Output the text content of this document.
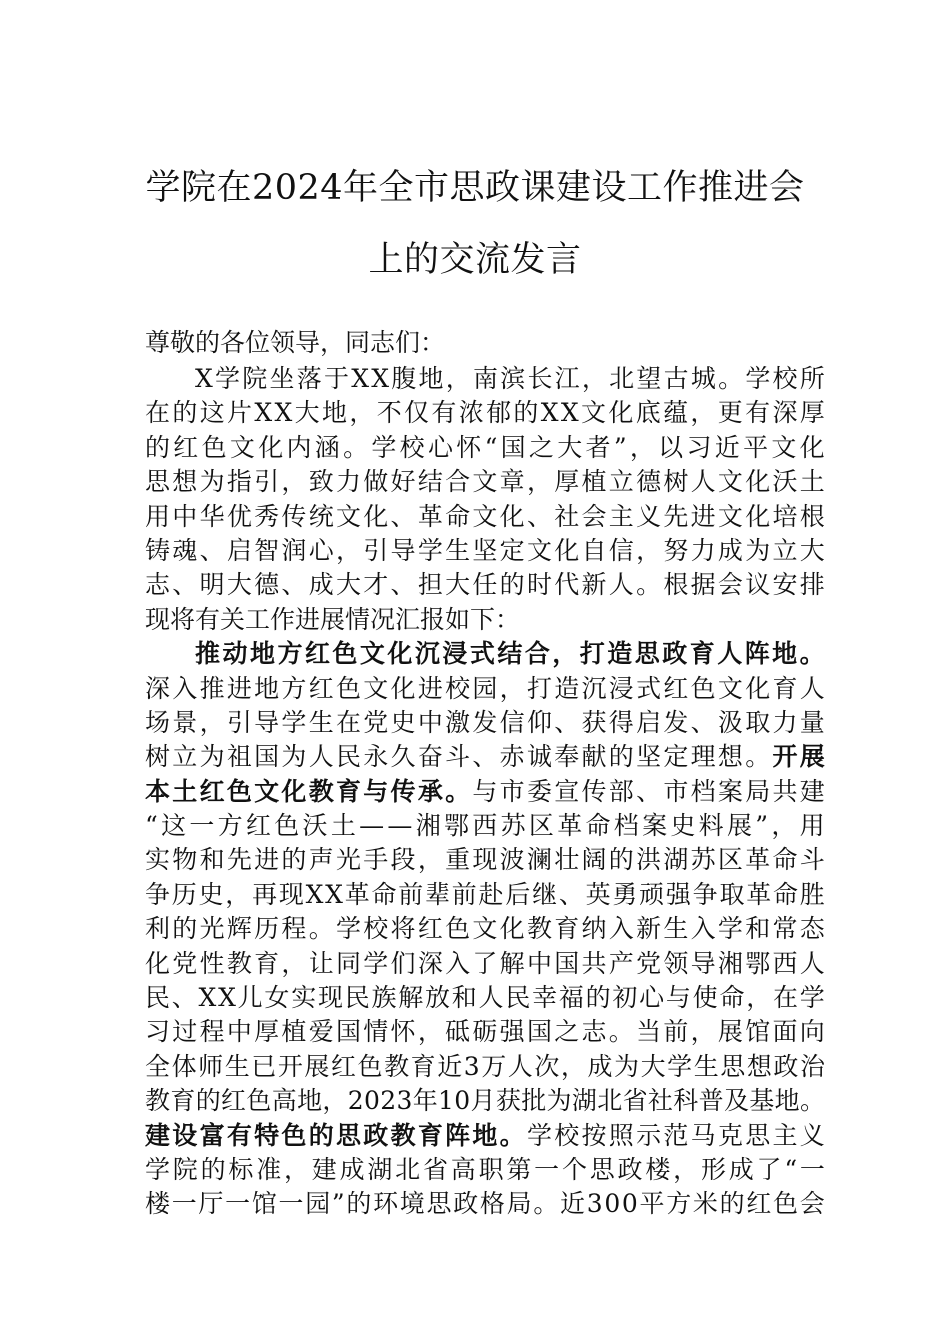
学院在2024年全市思政课建设工作推进会
上的交流发言
尊敬的各位领导，同志们：
X 学 院 坐 落 于 X X 腹 地 ， 南 滨 长 江 ， 北 望 古 城 。 学 校 所
在 的 这 片 X X 大 地 ， 不 仅 有 浓 郁 的 X X 文 化 底 蕴 ， 更 有 深 厚
的 红 色 文 化 内 涵 。 学 校 心 怀 “ 国 之 大 者 ” ， 以 习 近 平 文 化
思 想 为 指 引 ， 致 力 做 好 结 合 文 章 ， 厚 植 立 德 树 人 文 化 沃 土
用 中 华 优 秀 传 统 文 化 、 革 命 文 化 、 社 会 主 义 先 进 文 化 培 根
铸 魂 、 启 智 润 心 ， 引 导 学 生 坚 定 文 化 自 信 ， 努 力 成 为 立 大
志 、 明 大 德 、 成 大 才 、 担 大 任 的 时 代 新 人 。 根 据 会 议 安 排
现将有关工作进展情况汇报如下：
推 动 地 方 红 色 文 化 沉 浸 式 结 合 ， 打 造 思 政 育 人 阵 地 。
深 入 推 进 地 方 红 色 文 化 进 校 园 ， 打 造 沉 浸 式 红 色 文 化 育 人
场 景 ， 引 导 学 生 在 党 史 中 激 发 信 仰 、 获 得 启 发 、 汲 取 力 量
树 立 为 祖 国 为 人 民 永 久 奋 斗 、 赤 诚 奉 献 的 坚 定 理 想 。 开 展
本 土 红 色 文 化 教 育 与 传 承 。 与 市 委 宣 传 部 、 市 档 案 局 共 建
“ 这 一 方 红 色 沃 土 — — 湘 鄂 西 苏 区 革 命 档 案 史 料 展 ” ， 用
实 物 和 先 进 的 声 光 手 段 ， 重 现 波 澜 壮 阔 的 洪 湖 苏 区 革 命 斗
争 历 史 ， 再 现 X X 革 命 前 辈 前 赴 后 继 、 英 勇 顽 强 争 取 革 命 胜
利 的 光 辉 历 程 。 学 校 将 红 色 文 化 教 育 纳 入 新 生 入 学 和 常 态
化 党 性 教 育 ， 让 同 学 们 深 入 了 解 中 国 共 产 党 领 导 湘 鄂 西 人
民 、 X X 儿 女 实 现 民 族 解 放 和 人 民 幸 福 的 初 心 与 使 命 ， 在 学
习 过 程 中 厚 植 爱 国 情 怀 ， 砥 砺 强 国 之 志 。 当 前 ， 展 馆 面 向
全 体 师 生 已 开 展 红 色 教 育 近 3 万 人 次 ， 成 为 大 学 生 思 想 政 治
教 育 的 红 色 高 地 ， 2 0 2 3 年 1 0 月 获 批 为 湖 北 省 社 科 普 及 基 地 。
建 设 富 有 特 色 的 思 政 教 育 阵 地 。 学 校 按 照 示 范 马 克 思 主 义
学 院 的 标 准 ， 建 成 湖 北 省 高 职 第 一 个 思 政 楼 ， 形 成 了 “ 一
楼 一 厅 一 馆 一 园 ” 的 环 境 思 政 格 局 。 近 3 0 0 平 方 米 的 红 色 会
